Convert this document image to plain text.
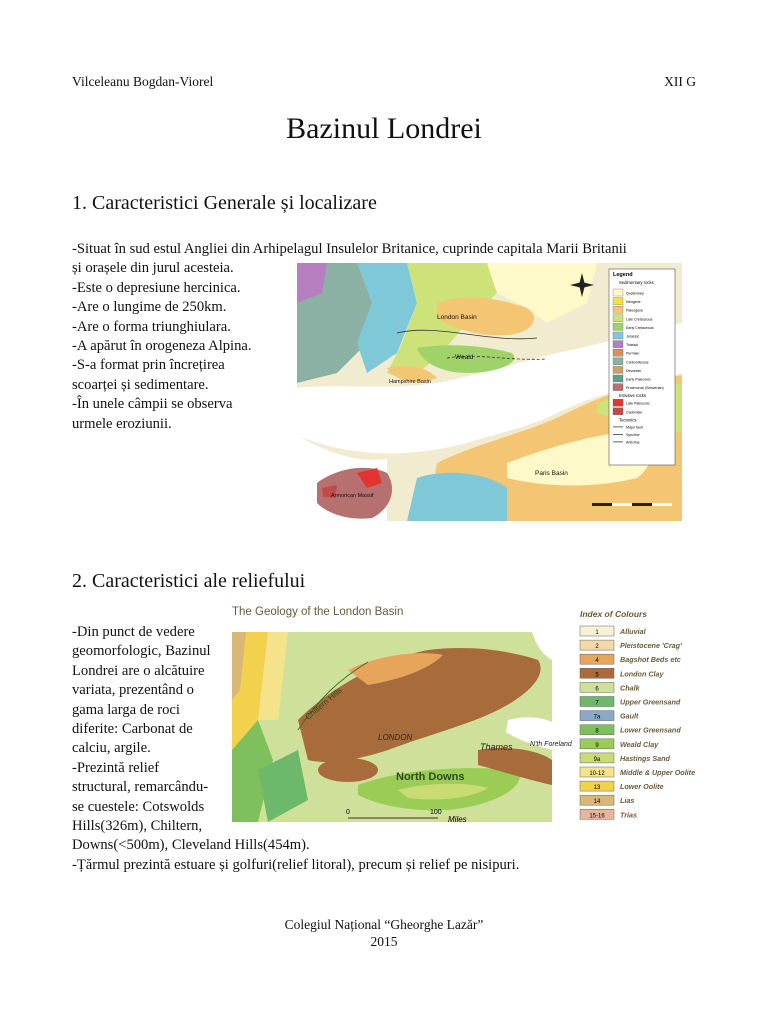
Vilceleanu Bogdan-Viorel	XII G
Bazinul Londrei
1. Caracteristici Generale și localizare
-Situat în sud estul Angliei din Arhipelagul Insulelor Britanice, cuprinde capitala Marii Britanii
și orașele din jurul acesteia.
-Este o depresiune hercinica.
-Are o lungime de 250km.
-Are o forma triunghiulara.
-A apărut în orogeneza Alpina.
-S-a format prin încrețirea
scoarței și sedimentare.
-În unele câmpii se observa
urmele eroziunii.
London Basin
Weald
Hampshire Basin
Paris Basin
Armorican Massif
Legend
Sedimentary rocks
Quaternary
Neogene
Paleogene
Late Cretaceous
Early Cretaceous
Jurassic
Triassic
Permian
Carboniferous
Devonian
Early Paleozoic
Proterozoic (Brioverian)
Intrusive rocks
Late Paleozoic
Cadomian
Tectonics
Major fault
Syncline
Anticline
2. Caracteristici ale reliefului
-Din punct de vedere
geomorfologic, Bazinul
Londrei are o alcătuire
variata, prezentând o
gama larga de roci
diferite: Carbonat de
calciu, argile.
-Prezintă relief
structural, remarcându-
se cuestele: Cotswolds
Hills(326m), Chiltern,
Downs(<500m), Cleveland Hills(454m).
-Țărmul prezintă estuare și golfuri(relief litoral), precum și relief pe nisipuri.
The Geology of the London Basin
LONDON
Thames
North Downs
Chiltern Hills
N'th Foreland
0	100
Miles
Index of Colours
1	Alluvial
2	Pleistocene 'Crag'
4	Bagshot Beds etc
5	London Clay
6	Chalk
7	Upper Greensand
7a	Gault
8	Lower Greensand
9	Weald Clay
9a	Hastings Sand
10-12 Middle & Upper Oolite
13	Lower Oolite
14	Lias
15-16 Trias
Colegiul Național “Gheorghe Lazăr”
2015
